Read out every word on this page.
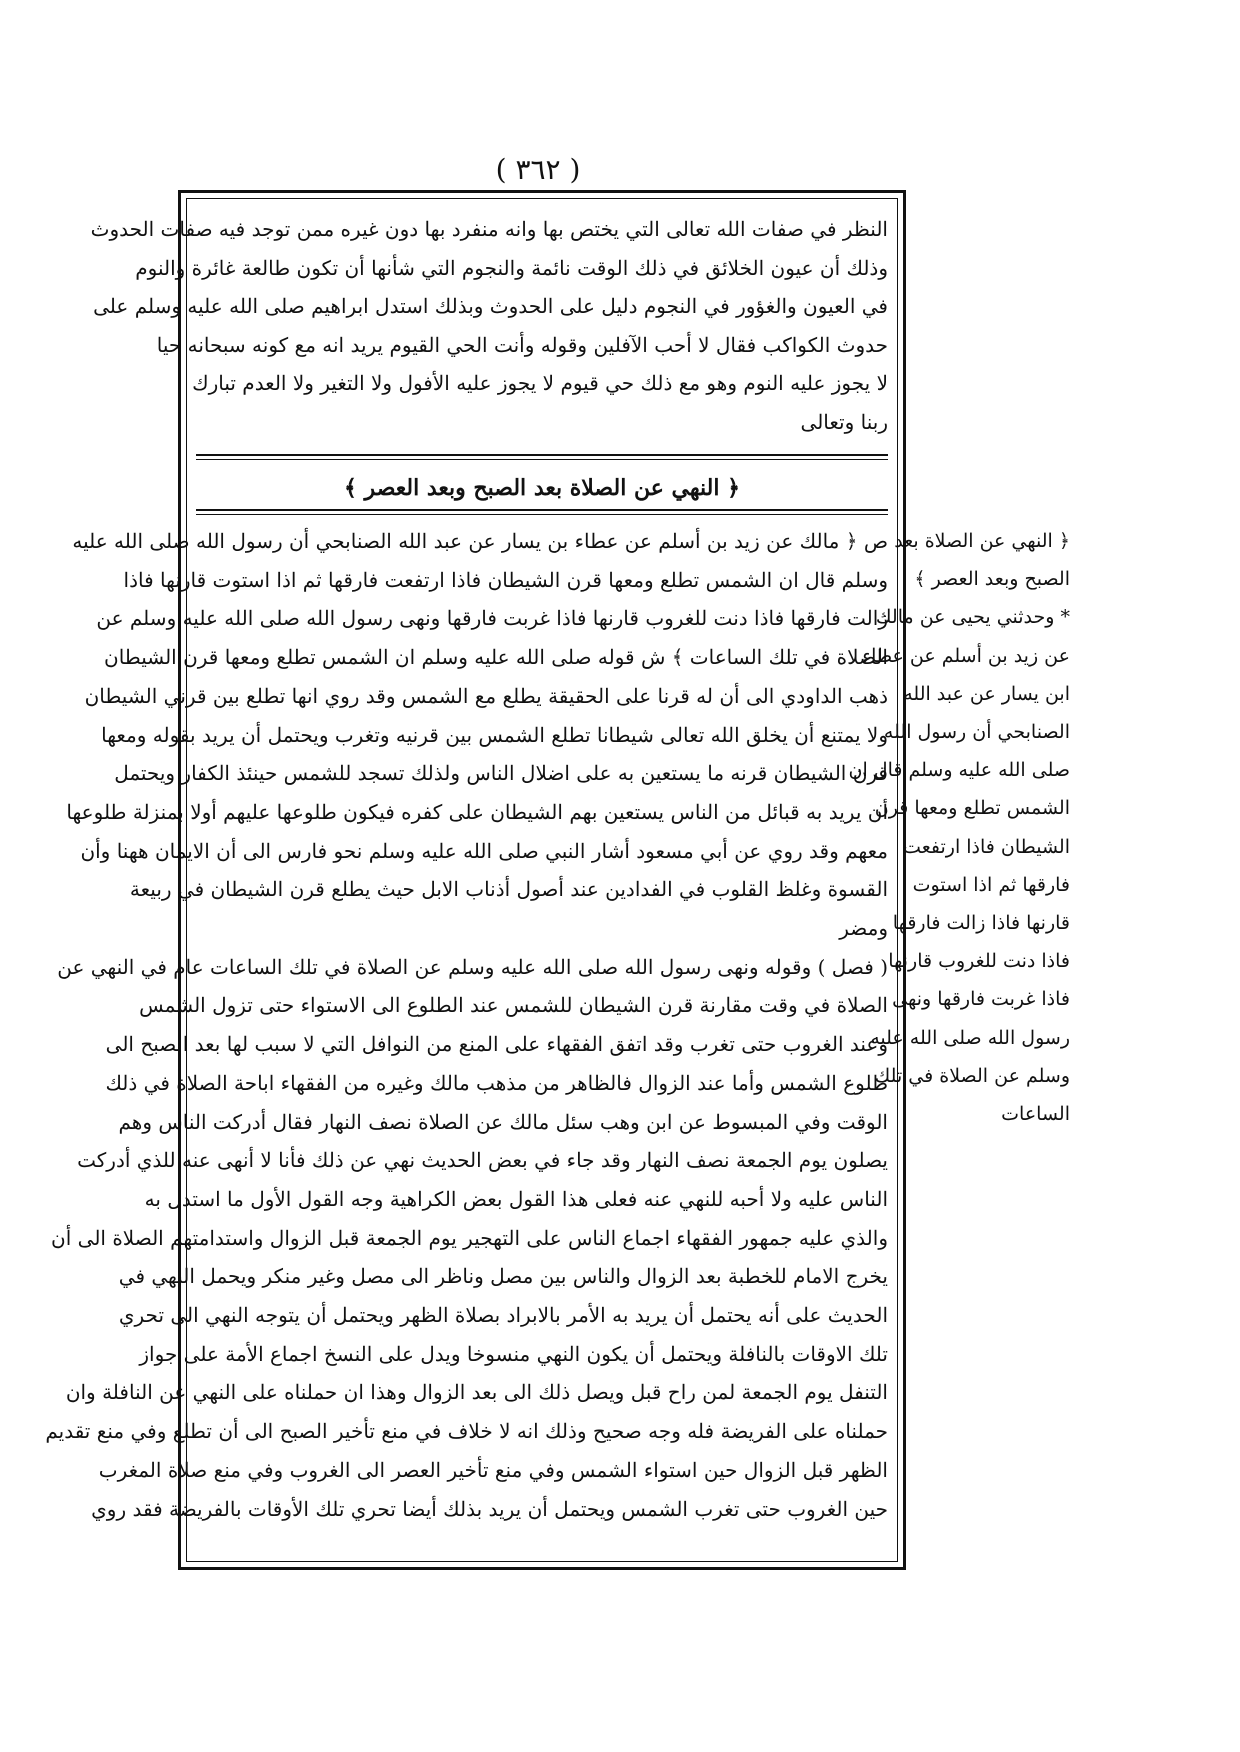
( ٣٦٢ )
النظر في صفات الله تعالى التي يختص بها وانه منفرد بها دون غيره ممن توجد فيه صفات الحدوث
وذلك أن عيون الخلائق في ذلك الوقت نائمة والنجوم التي شأنها أن تكون طالعة غائرة والنوم
في العيون والغؤور في النجوم دليل على الحدوث وبذلك استدل ابراهيم صلى الله عليه وسلم على
حدوث الكواكب فقال لا أحب الآفلين وقوله وأنت الحي القيوم يريد انه مع كونه سبحانه حيا
لا يجوز عليه النوم وهو مع ذلك حي قيوم لا يجوز عليه الأفول ولا التغير ولا العدم تبارك
ربنا وتعالى
﴿ النهي عن الصلاة بعد الصبح وبعد العصر ﴾
ص ﴿ مالك عن زيد بن أسلم عن عطاء بن يسار عن عبد الله الصنابحي أن رسول الله صلى الله عليه
وسلم قال ان الشمس تطلع ومعها قرن الشيطان فاذا ارتفعت فارقها ثم اذا استوت قارنها فاذا
زالت فارقها فاذا دنت للغروب قارنها فاذا غربت فارقها ونهى رسول الله صلى الله عليه وسلم عن
الصلاة في تلك الساعات ﴾ ش قوله صلى الله عليه وسلم ان الشمس تطلع ومعها قرن الشيطان
ذهب الداودي الى أن له قرنا على الحقيقة يطلع مع الشمس وقد روي انها تطلع بين قرني الشيطان
ولا يمتنع أن يخلق الله تعالى شيطانا تطلع الشمس بين قرنيه وتغرب ويحتمل أن يريد بقوله ومعها
قرن الشيطان قرنه ما يستعين به على اضلال الناس ولذلك تسجد للشمس حينئذ الكفار ويحتمل
أن يريد به قبائل من الناس يستعين بهم الشيطان على كفره فيكون طلوعها عليهم أولا بمنزلة طلوعها
معهم وقد روي عن أبي مسعود أشار النبي صلى الله عليه وسلم نحو فارس الى أن الايمان ههنا وأن
القسوة وغلظ القلوب في الفدادين عند أصول أذناب الابل حيث يطلع قرن الشيطان في ربيعة
ومضر
( فصل ) وقوله ونهى رسول الله صلى الله عليه وسلم عن الصلاة في تلك الساعات عام في النهي عن
الصلاة في وقت مقارنة قرن الشيطان للشمس عند الطلوع الى الاستواء حتى تزول الشمس
وعند الغروب حتى تغرب وقد اتفق الفقهاء على المنع من النوافل التي لا سبب لها بعد الصبح الى
طلوع الشمس وأما عند الزوال فالظاهر من مذهب مالك وغيره من الفقهاء اباحة الصلاة في ذلك
الوقت وفي المبسوط عن ابن وهب سئل مالك عن الصلاة نصف النهار فقال أدركت الناس وهم
يصلون يوم الجمعة نصف النهار وقد جاء في بعض الحديث نهي عن ذلك فأنا لا أنهى عنه للذي أدركت
الناس عليه ولا أحبه للنهي عنه فعلى هذا القول بعض الكراهية وجه القول الأول ما استدل به
والذي عليه جمهور الفقهاء اجماع الناس على التهجير يوم الجمعة قبل الزوال واستدامتهم الصلاة الى أن
يخرج الامام للخطبة بعد الزوال والناس بين مصل وناظر الى مصل وغير منكر ويحمل النهي في
الحديث على أنه يحتمل أن يريد به الأمر بالابراد بصلاة الظهر ويحتمل أن يتوجه النهي الى تحري
تلك الاوقات بالنافلة ويحتمل أن يكون النهي منسوخا ويدل على النسخ اجماع الأمة على جواز
التنفل يوم الجمعة لمن راح قبل ويصل ذلك الى بعد الزوال وهذا ان حملناه على النهي عن النافلة وان
حملناه على الفريضة فله وجه صحيح وذلك انه لا خلاف في منع تأخير الصبح الى أن تطلع وفي منع تقديم
الظهر قبل الزوال حين استواء الشمس وفي منع تأخير العصر الى الغروب وفي منع صلاة المغرب
حين الغروب حتى تغرب الشمس ويحتمل أن يريد بذلك أيضا تحري تلك الأوقات بالفريضة فقد روي
﴿ النهي عن الصلاة بعد
الصبح وبعد العصر ﴾
* وحدثني يحيى عن مالك
عن زيد بن أسلم عن عطاء
ابن يسار عن عبد الله
الصنابحي أن رسول الله
صلى الله عليه وسلم قال ان
الشمس تطلع ومعها قرن
الشيطان فاذا ارتفعت
فارقها ثم اذا استوت
قارنها فاذا زالت فارقها
فاذا دنت للغروب قارنها
فاذا غربت فارقها ونهى
رسول الله صلى الله عليه
وسلم عن الصلاة في تلك
الساعات
